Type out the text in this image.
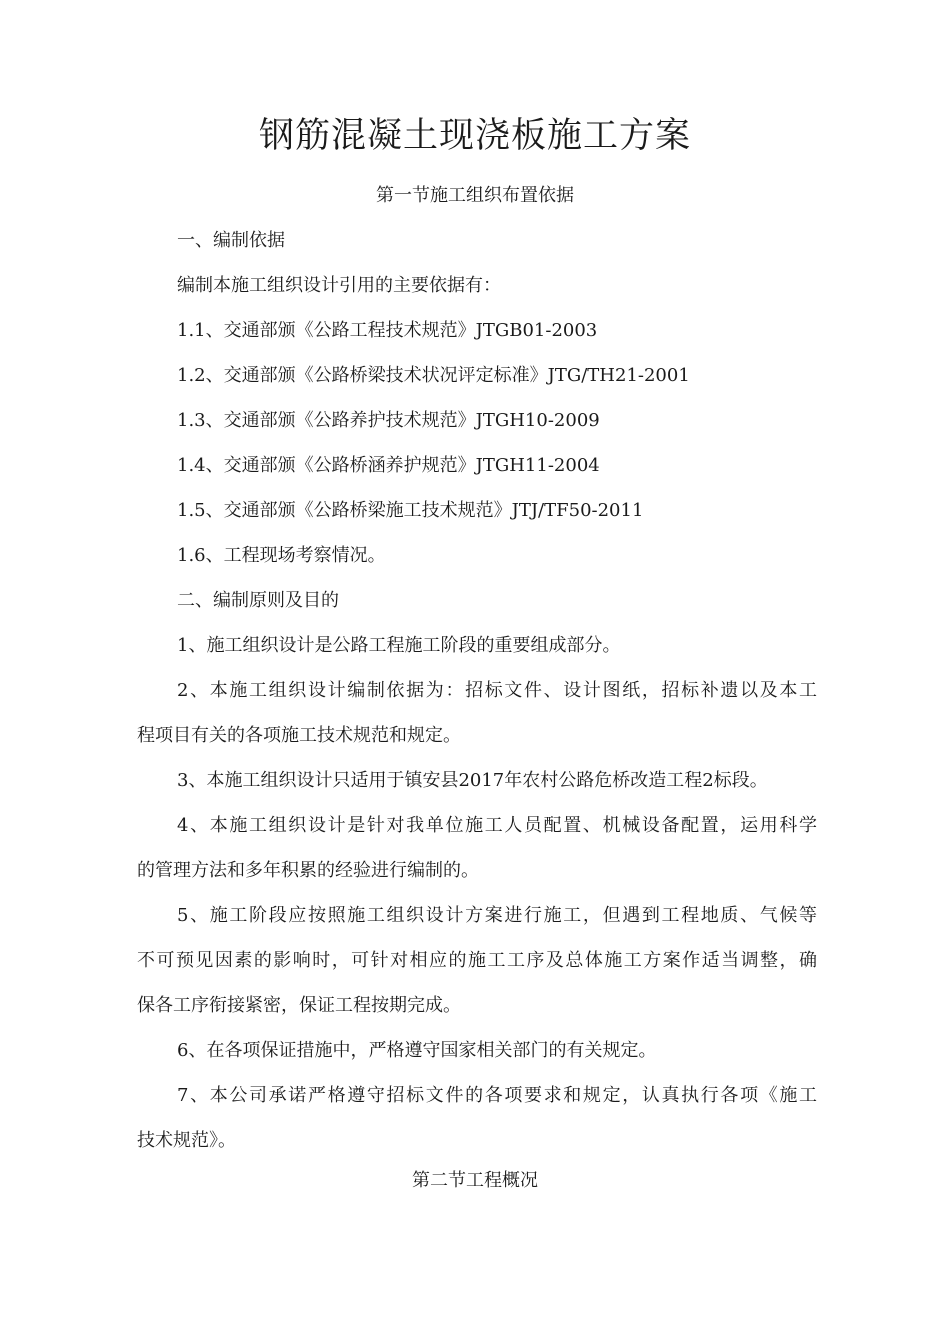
钢筋混凝土现浇板施工方案
第一节施工组织布置依据
一、编制依据
编制本施工组织设计引用的主要依据有：
1.1、交通部颁《公路工程技术规范》JTGB01-2003
1.2、交通部颁《公路桥梁技术状况评定标准》JTG/TH21-2001
1.3、交通部颁《公路养护技术规范》JTGH10-2009
1.4、交通部颁《公路桥涵养护规范》JTGH11-2004
1.5、交通部颁《公路桥梁施工技术规范》JTJ/TF50-2011
1.6、工程现场考察情况。
二、编制原则及目的
1、施工组织设计是公路工程施工阶段的重要组成部分。
2、本施工组织设计编制依据为：招标文件、设计图纸，招标补遗以及本工
程项目有关的各项施工技术规范和规定。
3、本施工组织设计只适用于镇安县2017年农村公路危桥改造工程2标段。
4、本施工组织设计是针对我单位施工人员配置、机械设备配置，运用科学
的管理方法和多年积累的经验进行编制的。
5、施工阶段应按照施工组织设计方案进行施工，但遇到工程地质、气候等
不可预见因素的影响时，可针对相应的施工工序及总体施工方案作适当调整，确
保各工序衔接紧密，保证工程按期完成。
6、在各项保证措施中，严格遵守国家相关部门的有关规定。
7、本公司承诺严格遵守招标文件的各项要求和规定，认真执行各项《施工
技术规范》。
第二节工程概况
